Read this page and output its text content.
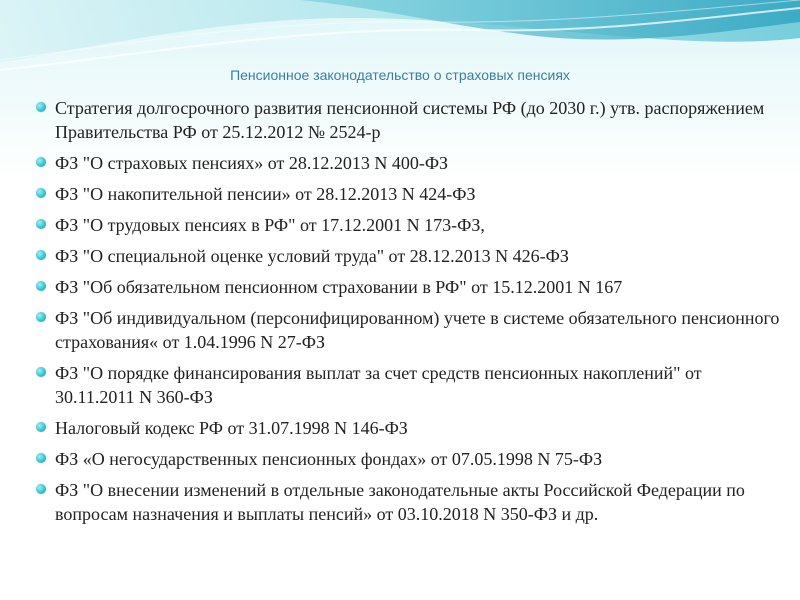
Пенсионное законодательство о страховых пенсиях
Стратегия долгосрочного развития пенсионной системы РФ (до 2030 г.) утв. распоряжением Правительства РФ от 25.12.2012 № 2524-р
ФЗ "О страховых пенсиях» от 28.12.2013 N 400-ФЗ
ФЗ "О накопительной пенсии» от 28.12.2013 N 424-ФЗ
ФЗ "О трудовых пенсиях в РФ" от 17.12.2001 N 173-ФЗ,
ФЗ "О специальной оценке условий труда" от 28.12.2013 N 426-ФЗ
ФЗ "Об обязательном пенсионном страховании в РФ" от 15.12.2001 N 167
ФЗ "Об индивидуальном (персонифицированном) учете в системе обязательного пенсионного страхования« от 1.04.1996 N 27-ФЗ
ФЗ "О порядке финансирования выплат за счет средств пенсионных накоплений" от 30.11.2011 N 360-ФЗ
Налоговый кодекс РФ от 31.07.1998 N 146-ФЗ
ФЗ «О негосударственных пенсионных фондах» от 07.05.1998 N 75-ФЗ
ФЗ "О внесении изменений в отдельные законодательные акты Российской Федерации по вопросам назначения и выплаты пенсий» от 03.10.2018 N 350-ФЗ и др.
